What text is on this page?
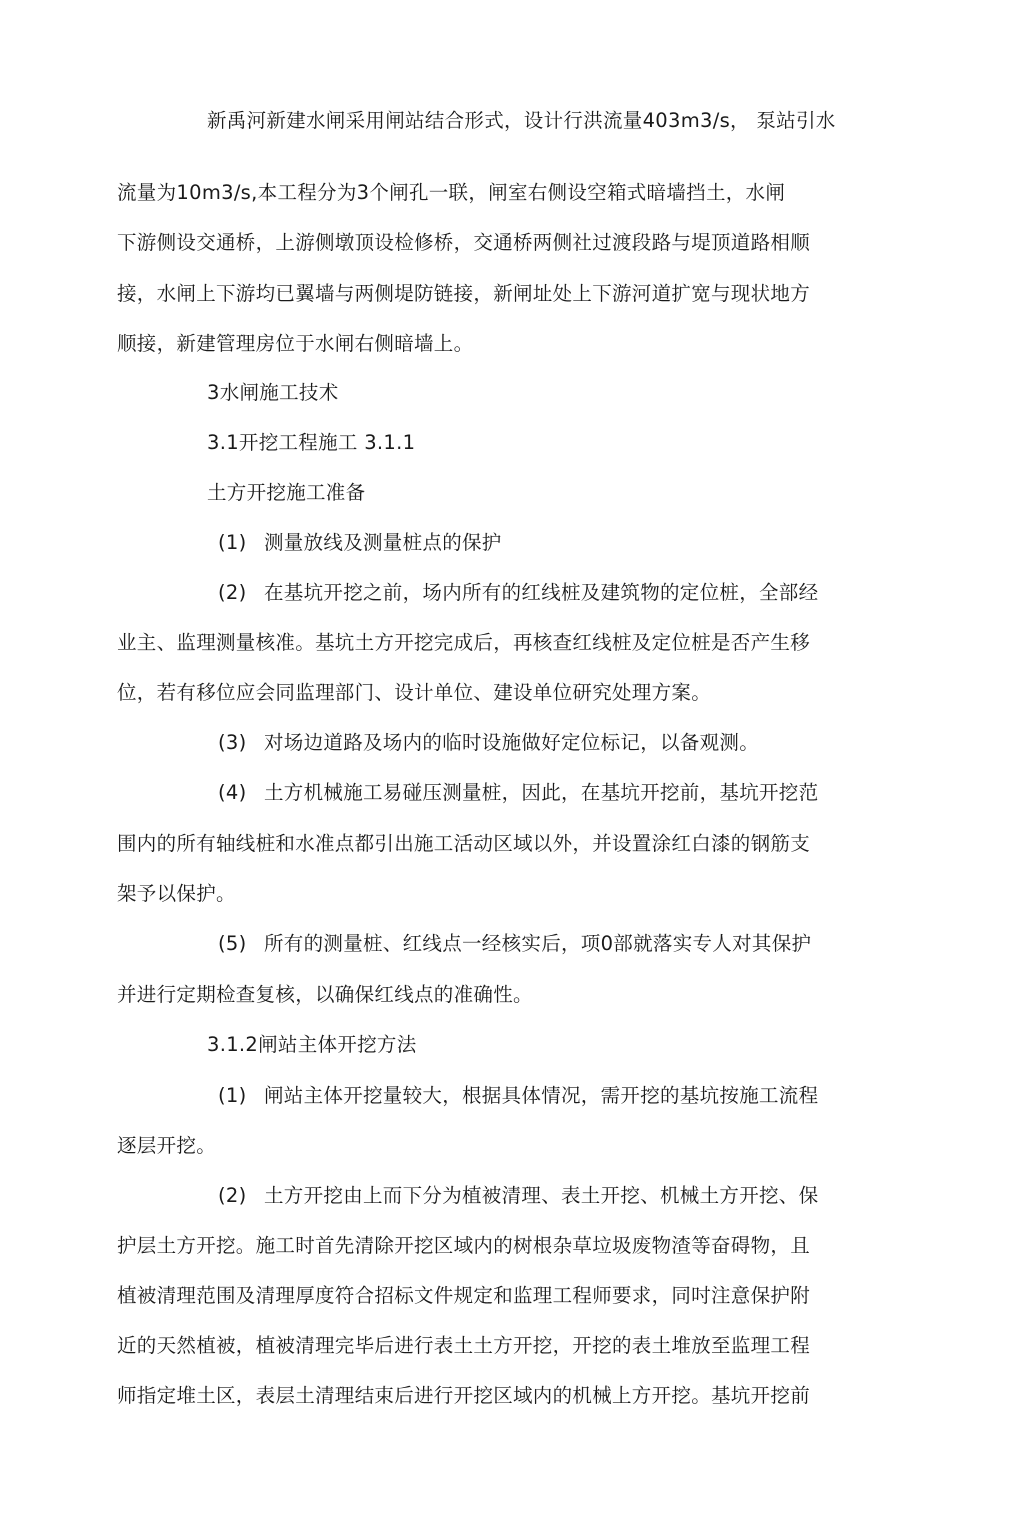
新禹河新建水闸采用闸站结合形式，设计行洪流量403m3/s， 泵站引水
流量为10m3/s,本工程分为3个闸孔一联，闸室右侧设空箱式暗墙挡土，水闸
下游侧设交通桥，上游侧墩顶设检修桥，交通桥两侧社过渡段路与堤顶道路相顺
接，水闸上下游均已翼墙与两侧堤防链接，新闸址处上下游河道扩宽与现状地方
顺接，新建管理房位于水闸右侧暗墙上。
3水闸施工技术
3.1开挖工程施工 3.1.1
土方开挖施工准备
(1) 测量放线及测量桩点的保护
(2) 在基坑开挖之前，场内所有的红线桩及建筑物的定位桩，全部经
业主、监理测量核准。基坑土方开挖完成后，再核查红线桩及定位桩是否产生移
位，若有移位应会同监理部门、设计单位、建设单位研究处理方案。
(3) 对场边道路及场内的临时设施做好定位标记，以备观测。
(4) 土方机械施工易碰压测量桩，因此，在基坑开挖前，基坑开挖范
围内的所有轴线桩和水准点都引出施工活动区域以外，并设置涂红白漆的钢筋支
架予以保护。
(5) 所有的测量桩、红线点一经核实后，项0部就落实专人对其保护
并进行定期检查复核，以确保红线点的准确性。
3.1.2闸站主体开挖方法
(1) 闸站主体开挖量较大，根据具体情况，需开挖的基坑按施工流程
逐层开挖。
(2) 土方开挖由上而下分为植被清理、表土开挖、机械土方开挖、保
护层土方开挖。施工时首先清除开挖区域内的树根杂草垃圾废物渣等奋碍物，且
植被清理范围及清理厚度符合招标文件规定和监理工程师要求，同吋注意保护附
近的天然植被，植被清理完毕后进行表土土方开挖，开挖的表土堆放至监理工程
师指定堆土区，表层土清理结束后进行开挖区域内的机械上方开挖。基坑开挖前
